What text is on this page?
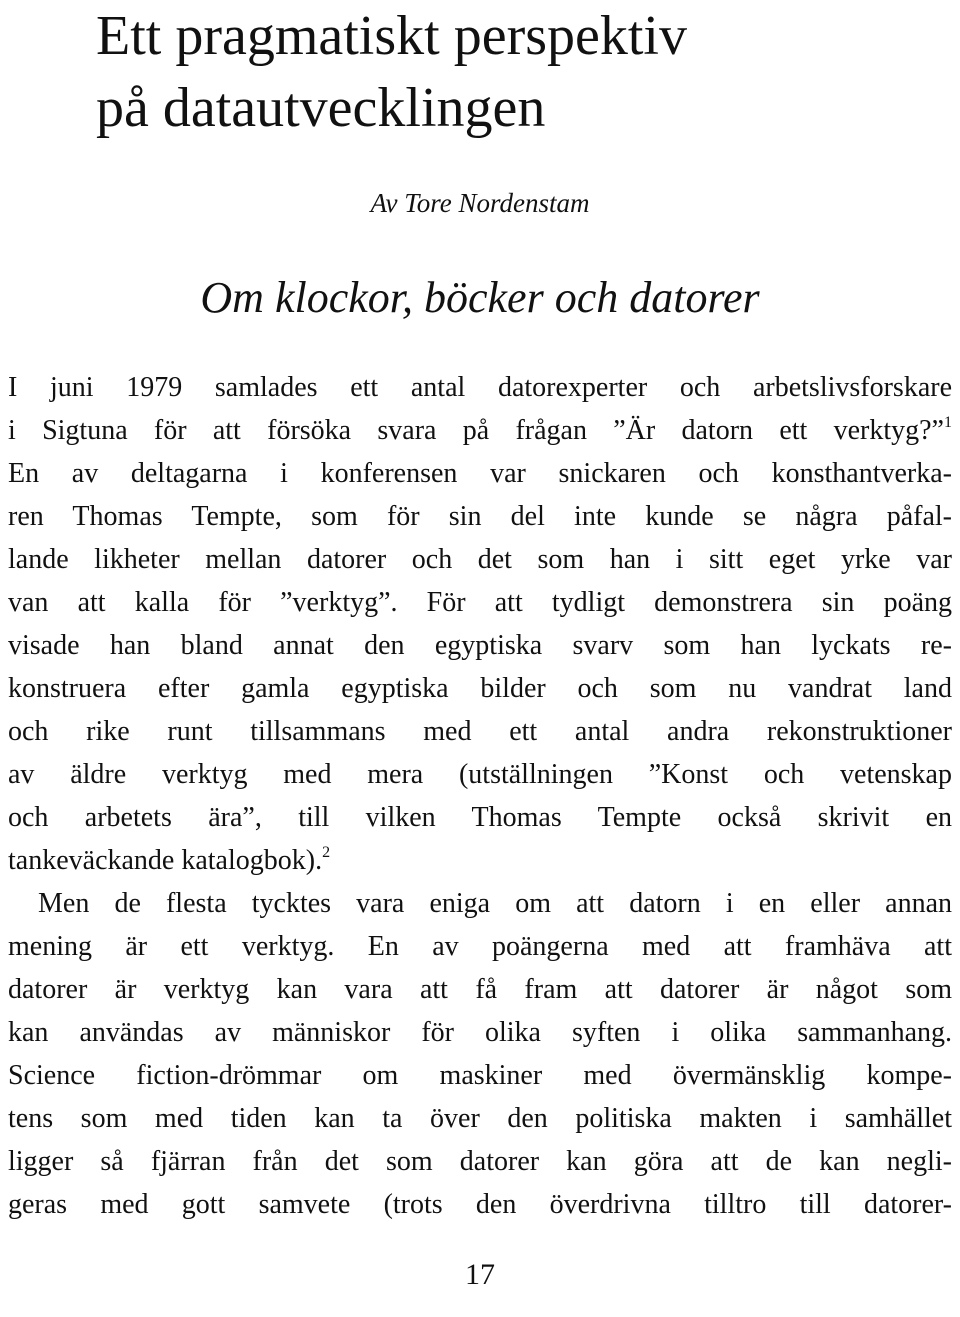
Ett pragmatiskt perspektiv
på datautvecklingen
Av Tore Nordenstam
Om klockor, böcker och datorer
I juni 1979 samlades ett antal datorexperter och arbetslivsforskare
i Sigtuna för att försöka svara på frågan ”Är datorn ett verktyg?”$^1$
En av deltagarna i konferensen var snickaren och konsthantverka-
ren Thomas Tempte, som för sin del inte kunde se några påfal-
lande likheter mellan datorer och det som han i sitt eget yrke var
van att kalla för ”verktyg”. För att tydligt demonstrera sin poäng
visade han bland annat den egyptiska svarv som han lyckats re-
konstruera efter gamla egyptiska bilder och som nu vandrat land
och rike runt tillsammans med ett antal andra rekonstruktioner
av äldre verktyg med mera (utställningen ”Konst och vetenskap
och arbetets ära”, till vilken Thomas Tempte också skrivit en
tankeväckande katalogbok).$^2$
Men de flesta tycktes vara eniga om att datorn i en eller annan
mening är ett verktyg. En av poängerna med att framhäva att
datorer är verktyg kan vara att få fram att datorer är något som
kan användas av människor för olika syften i olika sammanhang.
Science fiction-drömmar om maskiner med övermänsklig kompe-
tens som med tiden kan ta över den politiska makten i samhället
ligger så fjärran från det som datorer kan göra att de kan negli-
geras med gott samvete (trots den överdrivna tilltro till datorer-
17
